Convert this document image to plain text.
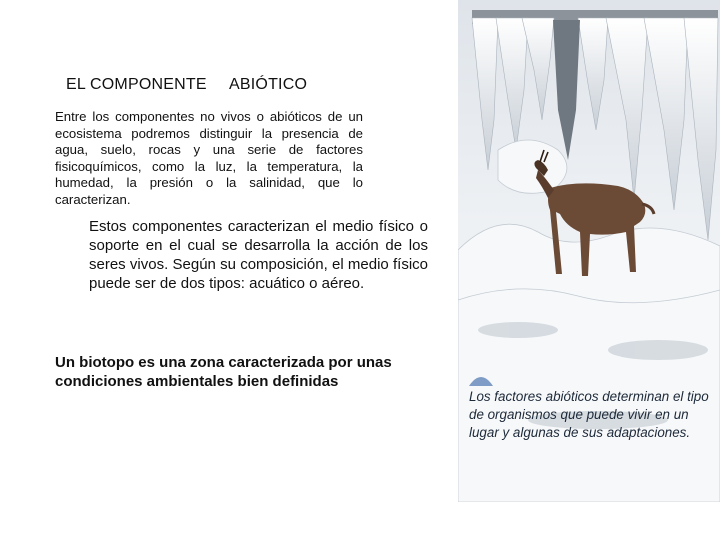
EL COMPONENTE ABIÓTICO

Entre los componentes no vivos o abióticos de un ecosistema podremos distinguir la presencia de agua, suelo, rocas y una serie de factores fisicoquímicos, como la luz, la temperatura, la humedad, la presión o la salinidad, que lo caracterizan.

Estos componentes caracterizan el medio físico o soporte en el cual se desarrolla la acción de los seres vivos. Según su composición, el medio físico puede ser de dos tipos: acuático o aéreo.

Un biotopo es una zona caracterizada por unas condiciones ambientales bien definidas

Los factores abióticos determinan el tipo de organismos que puede vivir en un lugar y algunas de sus adaptaciones.
